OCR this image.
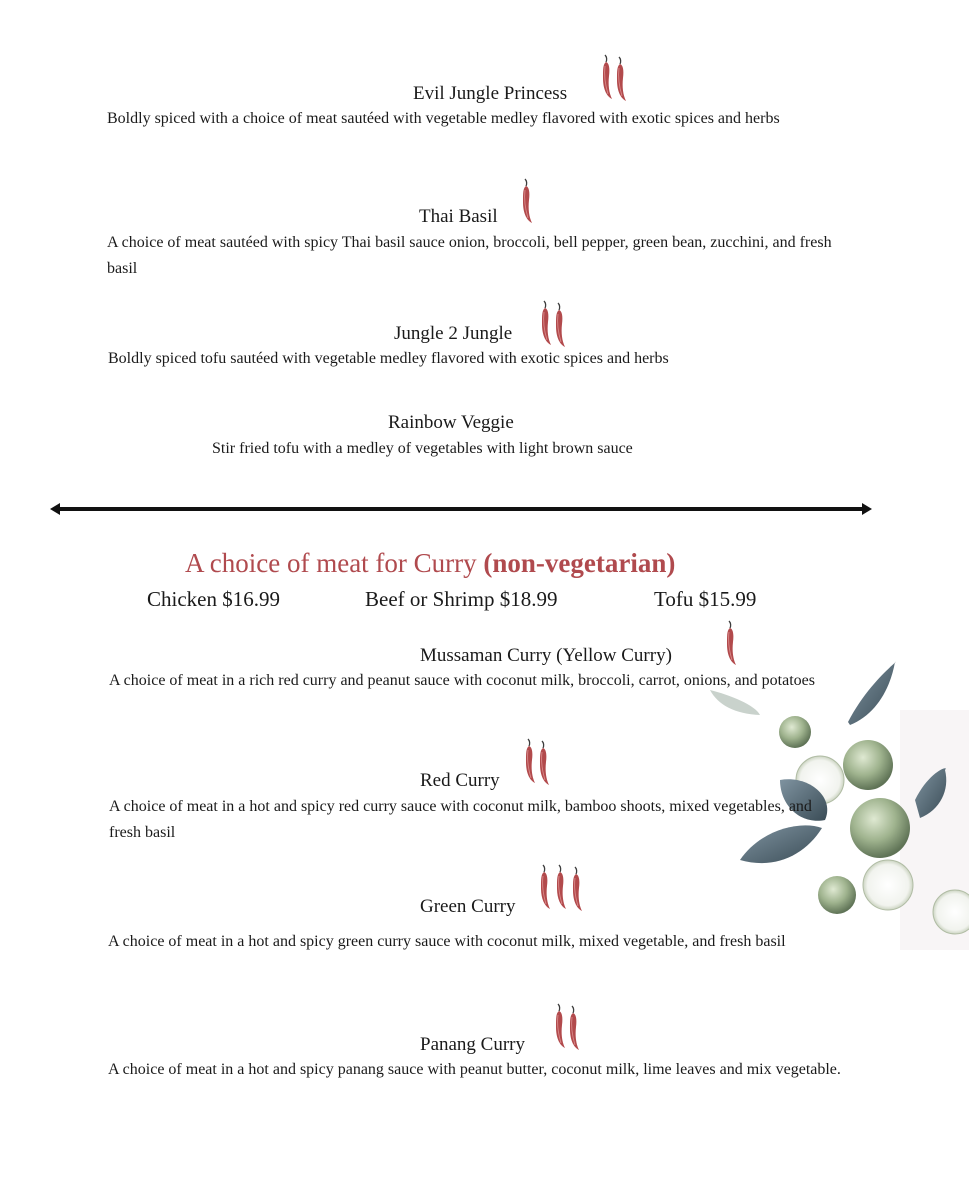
Evil Jungle Princess
Boldly spiced with a choice of meat sautéed with vegetable medley flavored with exotic spices and herbs
Thai Basil
A choice of meat sautéed with spicy Thai basil sauce onion, broccoli, bell pepper, green bean, zucchini, and fresh basil
Jungle 2 Jungle
Boldly spiced tofu sautéed with vegetable medley flavored with exotic spices and herbs
Rainbow Veggie
Stir fried tofu with a medley of vegetables with light brown sauce
A choice of meat for Curry (non-vegetarian)
Chicken $16.99	Beef or Shrimp $18.99	Tofu $15.99
Mussaman Curry (Yellow Curry)
A choice of meat in a rich red curry and peanut sauce with coconut milk, broccoli, carrot, onions, and potatoes
Red Curry
A choice of meat in a hot and spicy red curry sauce with coconut milk, bamboo shoots, mixed vegetables, and fresh basil
Green Curry
A choice of meat in a hot and spicy green curry sauce with coconut milk, mixed vegetable, and fresh basil
Panang Curry
A choice of meat in a hot and spicy panang sauce with peanut butter, coconut milk, lime leaves and mix vegetable.
